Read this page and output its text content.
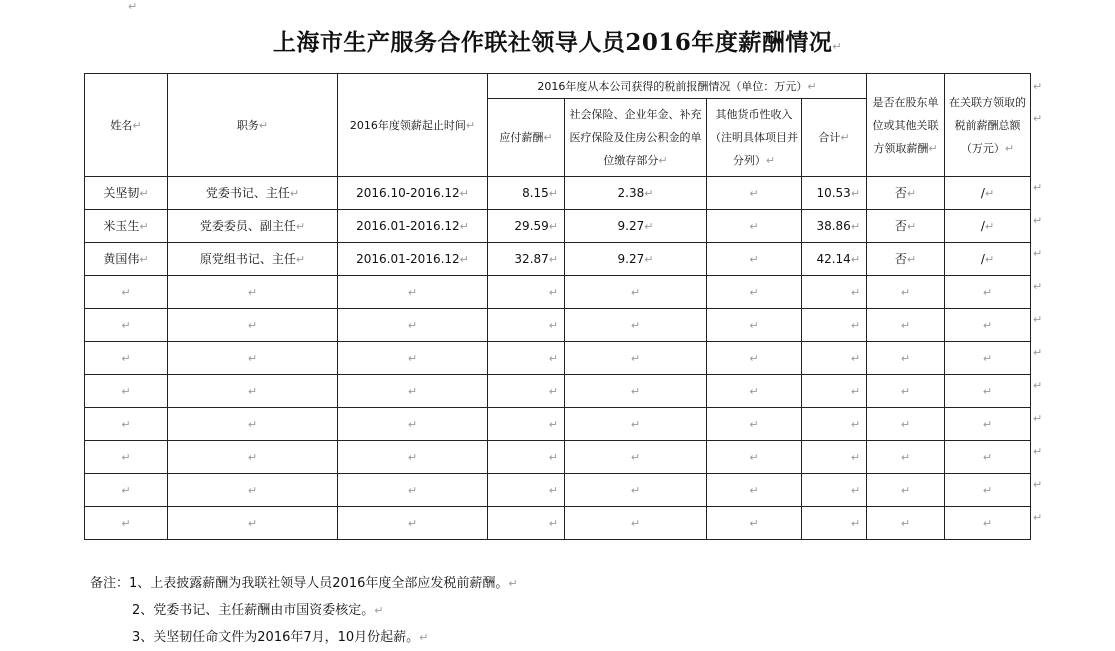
↵
上海市生产服务合作联社领导人员2016年度薪酬情况↵
姓名↵	职务↵	2016年度领薪起止时间↵	2016年度从本公司获得的税前报酬情况（单位：万元）↵				是否在股东单位或其他关联方领取薪酬↵	在关联方领取的税前薪酬总额（万元）↵
			应付薪酬↵	社会保险、企业年金、补充医疗保险及住房公积金的单位缴存部分↵	其他货币性收入（注明具体项目并分列）↵	合计↵		
关坚韧↵	党委书记、主任↵	2016.10-2016.12↵	8.15↵	2.38↵	↵	10.53↵	否↵	/↵
米玉生↵	党委委员、副主任↵	2016.01-2016.12↵	29.59↵	9.27↵	↵	38.86↵	否↵	/↵
黄国伟↵	原党组书记、主任↵	2016.01-2016.12↵	32.87↵	9.27↵	↵	42.14↵	否↵	/↵
↵	↵	↵	↵	↵	↵	↵	↵	↵
↵	↵	↵	↵	↵	↵	↵	↵	↵
↵	↵	↵	↵	↵	↵	↵	↵	↵
↵	↵	↵	↵	↵	↵	↵	↵	↵
↵	↵	↵	↵	↵	↵	↵	↵	↵
↵	↵	↵	↵	↵	↵	↵	↵	↵
↵	↵	↵	↵	↵	↵	↵	↵	↵
↵	↵	↵	↵	↵	↵	↵	↵	↵
↵
↵
↵
↵
↵
↵
↵
↵
↵
↵
↵
↵
↵
备注：1、上表披露薪酬为我联社领导人员2016年度全部应发税前薪酬。↵
2、党委书记、主任薪酬由市国资委核定。↵
3、关坚韧任命文件为2016年7月，10月份起薪。↵
